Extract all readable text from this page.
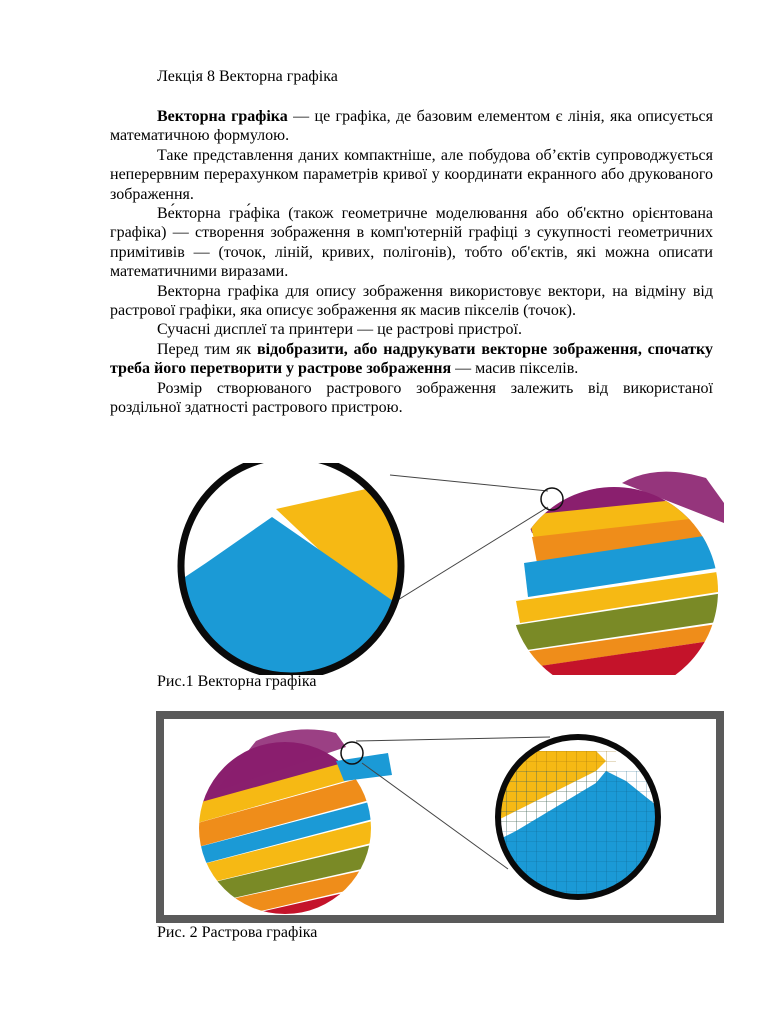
Лекція 8 Векторна графіка

Векторна графіка — це графіка, де базовим елементом є лінія, яка описується математичною формулою.

Таке представлення даних компактніше, але побудова об’єктів супроводжується неперервним перерахунком параметрів кривої у координати екранного або друкованого зображення.

Ве́кторна гра́фіка (також геометричне моделювання або об'єктно орієнтована графіка) — створення зображення в комп'ютерній графіці з сукупності геометричних примітивів — (точок, ліній, кривих, полігонів), тобто об'єктів, які можна описати математичними виразами.

Векторна графіка для опису зображення використовує вектори, на відміну від растрової графіки, яка описує зображення як масив пікселів (точок).

Сучасні дисплеї та принтери — це растрові пристрої.

Перед тим як відобразити, або надрукувати векторне зображення, спочатку треба його перетворити у растрове зображення — масив пікселів.

Розмір створюваного растрового зображення залежить від використаної роздільної здатності растрового пристрою.

Рис.1 Векторна графіка
Рис. 2 Растрова графіка
